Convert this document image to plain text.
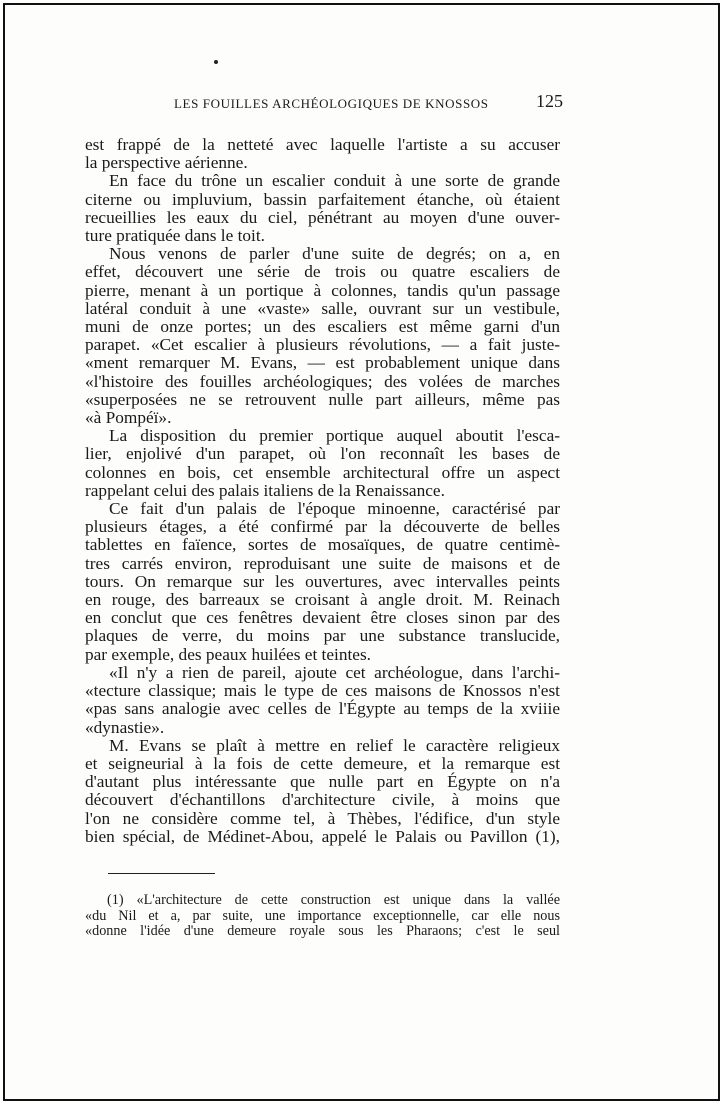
LES FOUILLES ARCHÉOLOGIQUES DE KNOSSOS	125
est frappé de la netteté avec laquelle l'artiste a su accuser
la perspective aérienne.
En face du trône un escalier conduit à une sorte de grande
citerne ou impluvium, bassin parfaitement étanche, où étaient
recueillies les eaux du ciel, pénétrant au moyen d'une ouver-
ture pratiquée dans le toit.
Nous venons de parler d'une suite de degrés; on a, en
effet, découvert une série de trois ou quatre escaliers de
pierre, menant à un portique à colonnes, tandis qu'un passage
latéral conduit à une «vaste» salle, ouvrant sur un vestibule,
muni de onze portes; un des escaliers est même garni d'un
parapet. «Cet escalier à plusieurs révolutions, — a fait juste-
«ment remarquer M. Evans, — est probablement unique dans
«l'histoire des fouilles archéologiques; des volées de marches
«superposées ne se retrouvent nulle part ailleurs, même pas
«à Pompéï».
La disposition du premier portique auquel aboutit l'esca-
lier, enjolivé d'un parapet, où l'on reconnaît les bases de
colonnes en bois, cet ensemble architectural offre un aspect
rappelant celui des palais italiens de la Renaissance.
Ce fait d'un palais de l'époque minoenne, caractérisé par
plusieurs étages, a été confirmé par la découverte de belles
tablettes en faïence, sortes de mosaïques, de quatre centimè-
tres carrés environ, reproduisant une suite de maisons et de
tours. On remarque sur les ouvertures, avec intervalles peints
en rouge, des barreaux se croisant à angle droit. M. Reinach
en conclut que ces fenêtres devaient être closes sinon par des
plaques de verre, du moins par une substance translucide,
par exemple, des peaux huilées et teintes.
«Il n'y a rien de pareil, ajoute cet archéologue, dans l'archi-
«tecture classique; mais le type de ces maisons de Knossos n'est
«pas sans analogie avec celles de l'Égypte au temps de la xviiie
«dynastie».
M. Evans se plaît à mettre en relief le caractère religieux
et seigneurial à la fois de cette demeure, et la remarque est
d'autant plus intéressante que nulle part en Égypte on n'a
découvert d'échantillons d'architecture civile, à moins que
l'on ne considère comme tel, à Thèbes, l'édifice, d'un style
bien spécial, de Médinet-Abou, appelé le Palais ou Pavillon (1),
(1) «L'architecture de cette construction est unique dans la vallée
«du Nil et a, par suite, une importance exceptionnelle, car elle nous
«donne l'idée d'une demeure royale sous les Pharaons; c'est le seul
